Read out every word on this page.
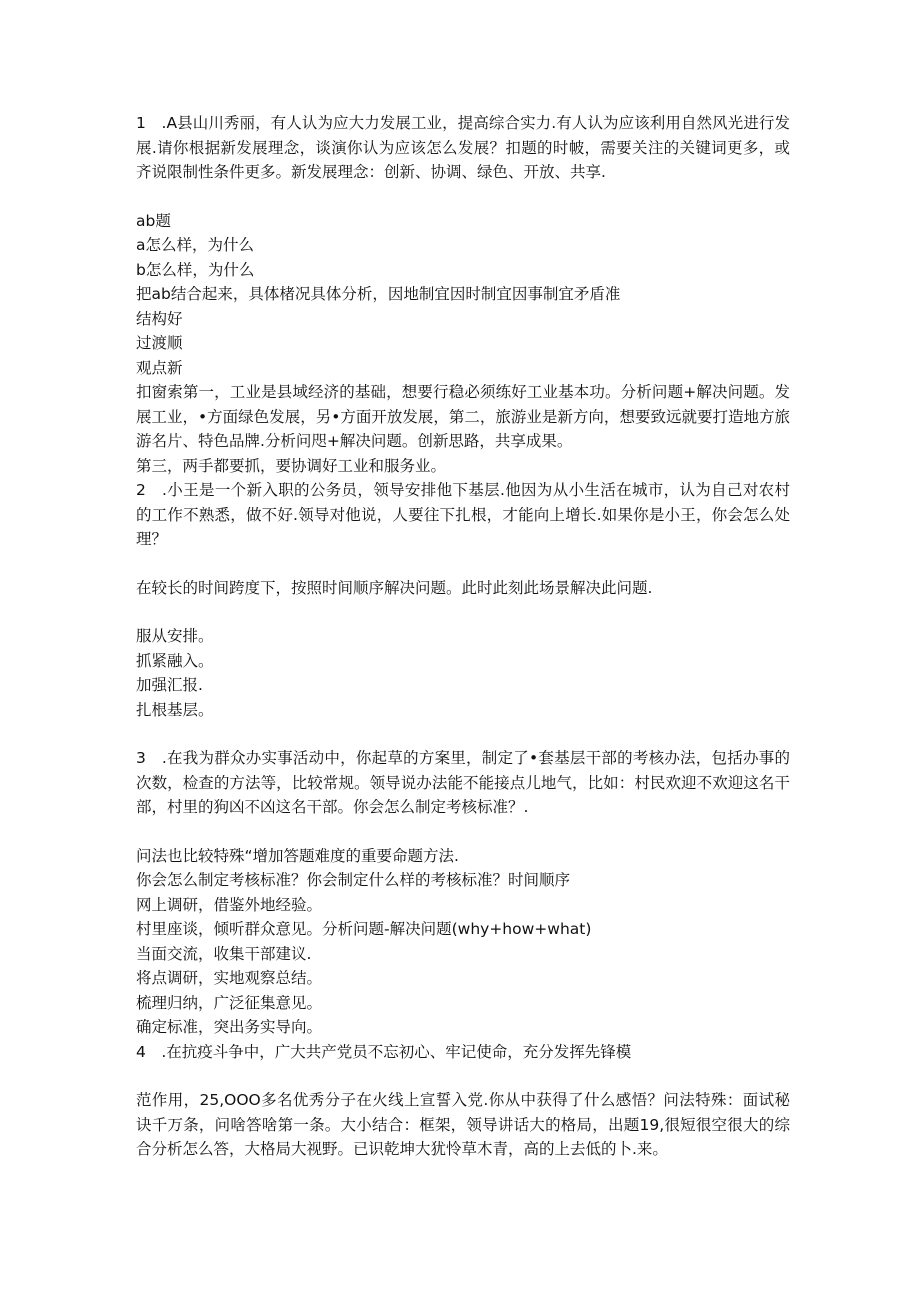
1　.A县山川秀丽，有人认为应大力发展工业，提高综合实力.有人认为应该利用自然风光进行发展.请你根据新发展理念，谈演你认为应该怎么发展？扣题的时帔，需要关注的关键词更多，或齐说限制性条件更多。新发展理念：创新、协调、绿色、开放、共享.

ab题

a怎么样，为什么

b怎么样，为什么

把ab结合起来，具体楮况具体分析，因地制宜因时制宜因事制宜矛盾准

结构好

过渡顺

观点新

扣窗索第一，工业是县域经济的基础，想要行稳必须练好工业基本功。分析问题+解决问题。发展工业，•方面绿色发展，另•方面开放发展，第二，旅游业是新方向，想要致远就要打造地方旅游名片、特色品牌.分析问咫+解决问题。创新思路，共享成果。

第三，两手都要抓，要协调好工业和服务业。

2　.小王是一个新入职的公务员，领导安排他下基层.他因为从小生活在城市，认为自己对农村的工作不熟悉，做不好.领导对他说，人要往下扎根，才能向上增长.如果你是小王，你会怎么处理？

在较长的时间跨度下，按照时间顺序解决问题。此时此刻此场景解决此问题.

服从安排。

抓紧融入。

加强汇报.

扎根基层。

3　.在我为群众办实事活动中，你起草的方案里，制定了•套基层干部的考核办法，包括办事的次数，检查的方法等，比较常规。领导说办法能不能接点儿地气，比如：村民欢迎不欢迎这名干部，村里的狗凶不凶这名干部。你会怎么制定考核标准？.

问法也比较特殊“增加答题难度的重要命题方法.

你会怎么制定考核标准？你会制定什么样的考核标准？时间顺序

网上调研，借鉴外地经验。

村里座谈，倾听群众意见。分析问题-解决问题(why+how+what)

当面交流，收集干部建议.

将点调研，实地观察总结。

梳理归纳，广泛征集意见。

确定标准，突出务实导向。

4　.在抗疫斗争中，广大共产党员不忘初心、牢记使命，充分发挥先锋模

范作用，25,OOO多名优秀分子在火线上宣誓入党.你从中获得了什么感悟？问法特殊：面试秘诀千万条，问啥答啥第一条。大小结合：框架，领导讲话大的格局，出题19,很短很空很大的综合分析怎么答，大格局大视野。已识乾坤大犹怜草木青，高的上去低的卜.来。
